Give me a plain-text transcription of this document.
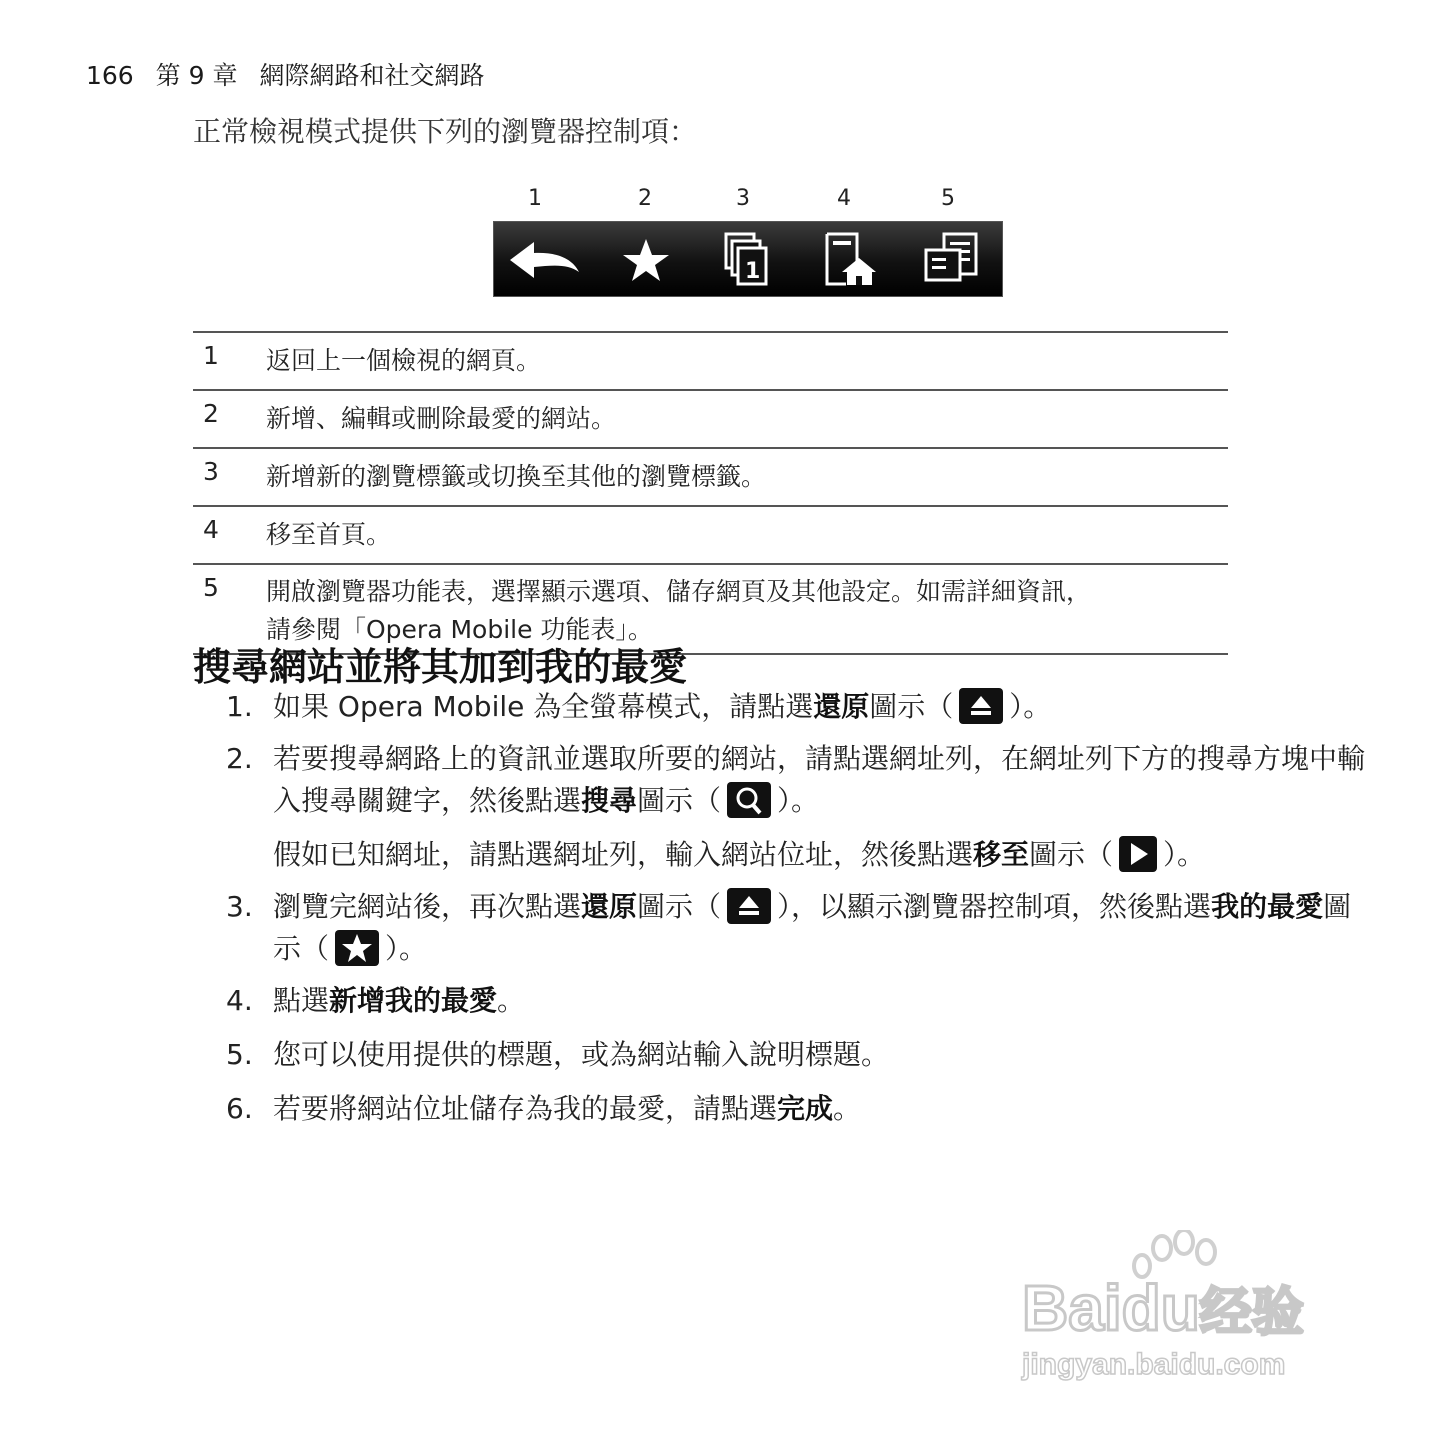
166 第 9 章 網際網路和社交網路
正常檢視模式提供下列的瀏覽器控制項：
1	2	3	4	5
1
1	返回上一個檢視的網頁。
2	新增、編輯或刪除最愛的網站。
3	新增新的瀏覽標籤或切換至其他的瀏覽標籤。
4	移至首頁。
5	開啟瀏覽器功能表，選擇顯示選項、儲存網頁及其他設定。如需詳細資訊，
請參閱「Opera Mobile 功能表」。
搜尋網站並將其加到我的最愛
1. 如果 Opera Mobile 為全螢幕模式，請點選還原圖示（ ）。
2. 若要搜尋網路上的資訊並選取所要的網站，請點選網址列，在網址列下方的搜尋方塊中輸入搜尋關鍵字，然後點選搜尋圖示（ ）。
假如已知網址，請點選網址列，輸入網站位址，然後點選移至圖示（ ）。
3. 瀏覽完網站後，再次點選還原圖示（ ），以顯示瀏覽器控制項，然後點選我的最愛圖示（ ）。
4. 點選新增我的最愛。
5. 您可以使用提供的標題，或為網站輸入說明標題。
6. 若要將網站位址儲存為我的最愛，請點選完成。
Baidu经验
jingyan.baidu.com
